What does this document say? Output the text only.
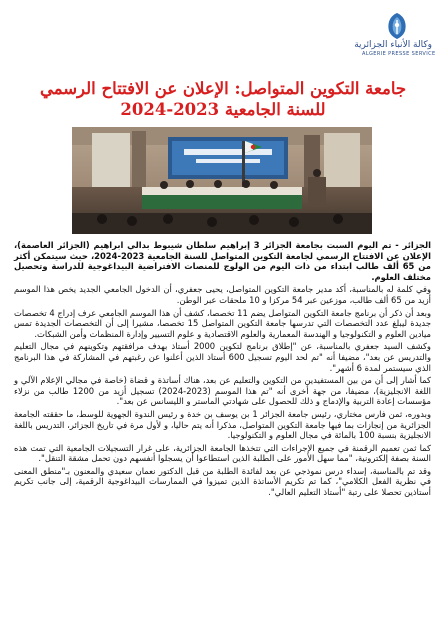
وكالة الأنباء الجزائرية
ALGERIE PRESSE SERVICE
جامعة التكوين المتواصل: الإعلان عن الافتتاح الرسمي للسنة الجامعية 2023-2024

الجزائر - تم اليوم السبت بجامعة الجزائر 3 إبراهيم سلطان شيبوط بدالي ابراهيم (الجزائر العاصمة)، الإعلان عن الافتتاح الرسمي لجامعة التكوين المتواصل للسنة الجامعية 2023-2024، حيث سيتمكن أكثر من 65 ألف طالب ابتداء من ذات اليوم من الولوج للمنصات الافتراضية البيداغوجية للدراسة وتحصيل مختلف العلوم.

وفي كلمة له بالمناسبة، أكد مدير جامعة التكوين المتواصل، يحيى جعفري، أن الدخول الجامعي الجديد يخص هذا الموسم أزيد من 65 ألف طالب، موزعين عبر 54 مركزا و 10 ملحقات عبر الوطن.

وبعد أن ذكر أن برنامج جامعة التكوين المتواصل يضم 11 تخصصا، كشف أن هذا الموسم الجامعي عرف إدراج 4 تخصصات جديدة ليبلغ عدد التخصصات التي تدرسها جامعة التكوين المتواصل 15 تخصصا، مشيرا إلى أن التخصصات الجديدة تمس ميادين العلوم و التكنولوجيا و الهندسة المعمارية والعلوم الاقتصادية و علوم التسيير وإدارة المنظمات وأمن الشبكات.

وكشف السيد جعفري بالمناسبة، عن "إطلاق برنامج لتكوين 2000 أستاذ بهدف مرافقتهم وتكوينهم في مجال التعليم والتدريس عن بعد"، مضيفا أنه "تم لحد اليوم تسجيل 600 أستاذ الذين أعلنوا عن رغبتهم في المشاركة في هذا البرنامج الذي سيستمر لمدة 6 أشهر".

كما أشار إلى أن من بين المستفيدين من التكوين والتعليم عن بعد، هناك أساتذة و قضاة (خاصة في مجالي الإعلام الآلي و اللغة الانجليزية)، مضيفا، من جهة أخرى أنه "تم هذا الموسم (2023-2024) تسجيل أزيد من 1200 طالب من نزلاء مؤسسات إعادة التربية والإدماج و ذلك للحصول على شهادتي الماستر و الليسانس عن بعد".

وبدوره، ثمن فارس مختاري، رئيس جامعة الجزائر 1 بن يوسف بن خدة و رئيس الندوة الجهوية للوسط، ما حققته الجامعة الجزائرية من إنجازات بما فيها جامعة التكوين المتواصل، مذكرا أنه يتم حاليا، و لأول مرة في تاريخ الجزائر، التدريس باللغة الانجليزية بنسبة 100 بالمائة في مجال العلوم و التكنولوجيا.

كما ثمن تعميم الرقمنة في جميع الإجراءات التي تتخذها الجامعة الجزائرية، على غرار التسجيلات الجامعية التي تمت هذه السنة بصفة إلكترونية، "مما سهل الأمور على الطلبة الذين استطاعوا أن يسجلوا أنفسهم دون تحمل مشقة التنقل".

وقد تم بالمناسبة، إسداء درس نموذجي عن بعد لفائدة الطلبة من قبل الدكتور نعمان سعيدي والمعنون بـ"منطق المعنى في نظرية الفعل الكلامي"، كما تم تكريم الأساتذة الذين تميزوا في الممارسات البيداغوجية الرقمية، إلى جانب تكريم أستاذين تحصلا على رتبة "أستاذ التعليم العالي".
